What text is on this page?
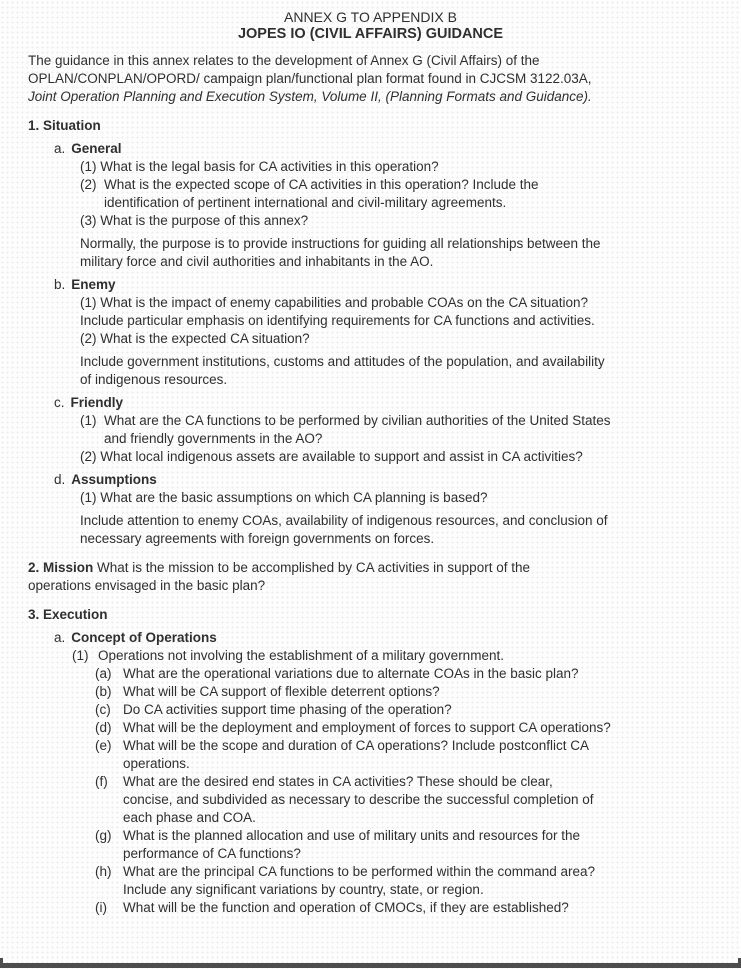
ANNEX G TO APPENDIX B
JOPES IO (CIVIL AFFAIRS) GUIDANCE
The guidance in this annex relates to the development of Annex G (Civil Affairs) of the
OPLAN/CONPLAN/OPORD/ campaign plan/functional plan format found in CJCSM 3122.03A,
Joint Operation Planning and Execution System, Volume II, (Planning Formats and Guidance).
1. Situation
a. General
(1) What is the legal basis for CA activities in this operation?
(2) What is the expected scope of CA activities in this operation? Include the
identification of pertinent international and civil-military agreements.
(3) What is the purpose of this annex?
Normally, the purpose is to provide instructions for guiding all relationships between the
military force and civil authorities and inhabitants in the AO.
b. Enemy
(1) What is the impact of enemy capabilities and probable COAs on the CA situation?
Include particular emphasis on identifying requirements for CA functions and activities.
(2) What is the expected CA situation?
Include government institutions, customs and attitudes of the population, and availability
of indigenous resources.
c. Friendly
(1) What are the CA functions to be performed by civilian authorities of the United States
and friendly governments in the AO?
(2) What local indigenous assets are available to support and assist in CA activities?
d. Assumptions
(1) What are the basic assumptions on which CA planning is based?
Include attention to enemy COAs, availability of indigenous resources, and conclusion of
necessary agreements with foreign governments on forces.
2. Mission What is the mission to be accomplished by CA activities in support of the
operations envisaged in the basic plan?
3. Execution
a. Concept of Operations
(1) Operations not involving the establishment of a military government.
(a) What are the operational variations due to alternate COAs in the basic plan?
(b) What will be CA support of flexible deterrent options?
(c) Do CA activities support time phasing of the operation?
(d) What will be the deployment and employment of forces to support CA operations?
(e) What will be the scope and duration of CA operations? Include postconflict CA
operations.
(f)	What are the desired end states in CA activities? These should be clear,
concise, and subdivided as necessary to describe the successful completion of
each phase and COA.
(g) What is the planned allocation and use of military units and resources for the
performance of CA functions?
(h) What are the principal CA functions to be performed within the command area?
Include any significant variations by country, state, or region.
(i)	What will be the function and operation of CMOCs, if they are established?
